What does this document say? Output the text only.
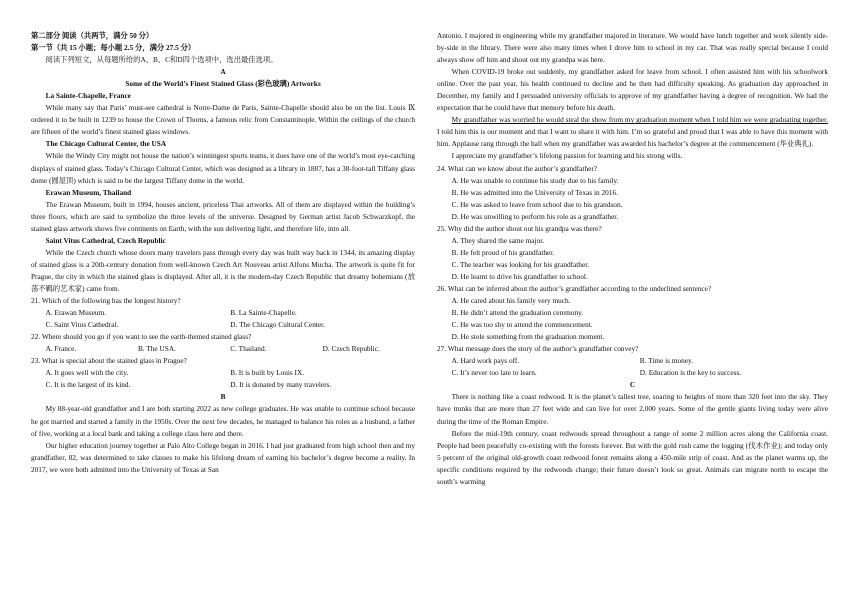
第二部分 阅读（共两节，满分 50 分）

第一节（共 15 小题；每小题 2.5 分，满分 27.5 分）

阅读下列短文，从每题所给的A、B、C和D四个选项中，选出最佳选项。

A

Some of the World’s Finest Stained Glass (彩色玻璃) Artworks

La Sainte-Chapelle, France

While many say that Paris’ must-see cathedral is Notre-Dame de Paris, Sainte-Chapelle should also be on the list. Louis Ⅸ ordered it to be built in 1239 to house the Crown of Thorns, a famous relic from Constantinople. Within the ceilings of the church are fifteen of the world’s finest stained glass windows.

The Chicago Cultural Center, the USA

While the Windy City might not house the nation’s winningest sports teams, it does have one of the world’s most eye-catching displays of stained glass. Today’s Chicago Cultural Center, which was designed as a library in 1887, has a 38-foot-tall Tiffany glass dome (圆屋顶) which is said to be the largest Tiffany dome in the world.

Erawan Museum, Thailand

The Erawan Museum, built in 1994, houses ancient, priceless Thai artworks. All of them are displayed within the building’s three floors, which are said to symbolize the three levels of the universe. Designed by German artist Jacob Schwarzkopf, the stained glass artwork shows five continents on Earth, with the sun delivering light, and therefore life, into all.

Saint Vitus Cathedral, Czech Republic

While the Czech church whose doors many travelers pass through every day was built way back in 1344, its amazing display of stained glass is a 20th-century donation from well-known Czech Art Nouveau artist Alfons Mucha. The artwork is quite fit for Prague, the city in which the stained glass is displayed. After all, it is the modern-day Czech Republic that dreamy bohemians (放荡不羁的艺术家) came from.

21. Which of the following has the longest history?

A. Erawan Museum.	B. La Sainte-Chapelle.
C. Saint Vitus Cathedral.	D. The Chicago Cultural Center.

22. Where should you go if you want to see the earth-themed stained glass?

A. France.	B. The USA.	C. Thailand.	D. Czech Republic.

23. What is special about the stained glass in Prague?

A. It goes well with the city.	B. It is built by Louis IX.
C. It is the largest of its kind.	D. It is donated by many travelers.

B

My 88-year-old grandfather and I are both starting 2022 as new college graduates. He was unable to continue school because he got married and started a family in the 1950s. Over the next few decades, he managed to balance his roles as a husband, a father of five, working at a local bank and taking a college class here and there.

Our higher education journey together at Palo Alto College began in 2016. I had just graduated from high school then and my grandfather, 82, was determined to take classes to make his lifelong dream of earning his bachelor’s degree become a reality. In 2017, we were both admitted into the University of Texas at San

Antonio. I majored in engineering while my grandfather majored in literature. We would have lunch together and work silently side-by-side in the library. There were also many times when I drove him to school in my car. That was really special because I could always show off him and shout out my grandpa was here.

When COVID-19 broke out suddenly, my grandfather asked for leave from school. I often assisted him with his schoolwork online. Over the past year, his health continued to decline and he then had difficulty speaking. As graduation day approached in December, my family and I persuaded university officials to approve of my grandfather having a degree of recognition. We had the expectation that he could have that memory before his death.

My grandfather was worried he would steal the show from my graduation moment when I told him we were graduating together. I told him this is our moment and that I want to share it with him. I’m so grateful and proud that I was able to have this moment with him. Applause rang through the hall when my grandfather was awarded his bachelor’s degree at the commencement (毕业典礼).

I appreciate my grandfather’s lifelong passion for learning and his strong wills.

24. What can we know about the author’s grandfather?

A. He was unable to continue his study due to his family.

B. He was admitted into the University of Texas in 2016.

C. He was asked to leave from school due to his grandson.

D. He was unwilling to perform his role as a grandfather.

25. Why did the author shout out his grandpa was there?

A. They shared the same major.

B. He felt proud of his grandfather.

C. The teacher was looking for his grandfather.

D. He learnt to drive his grandfather to school.

26. What can be inferred about the author’s grandfather according to the underlined sentence?

A. He cared about his family very much.

B. He didn’t attend the graduation ceremony.

C. He was too shy to attend the commencement.

D. He stole something from the graduation moment.

27. What message does the story of the author’s grandfather convey?

A. Hard work pays off.	B. Time is money.
C. It’s never too late to learn.	D. Education is the key to success.

C

There is nothing like a coast redwood. It is the planet’s tallest tree, soaring to heights of more than 320 feet into the sky. They have trunks that are more than 27 feet wide and can live for over 2,000 years. Some of the gentle giants living today were alive during the time of the Roman Empire.

Before the mid-19th century, coast redwoods spread throughout a range of some 2 million acres along the California coast. People had been peacefully co-existing with the forests forever. But with the gold rush came the logging (伐木作业); and today only 5 percent of the original old-growth coast redwood forest remains along a 450-mile strip of coast. And as the planet warms up, the specific conditions required by the redwoods change; their future doesn’t look so great. Animals can migrate north to escape the south’s warming
